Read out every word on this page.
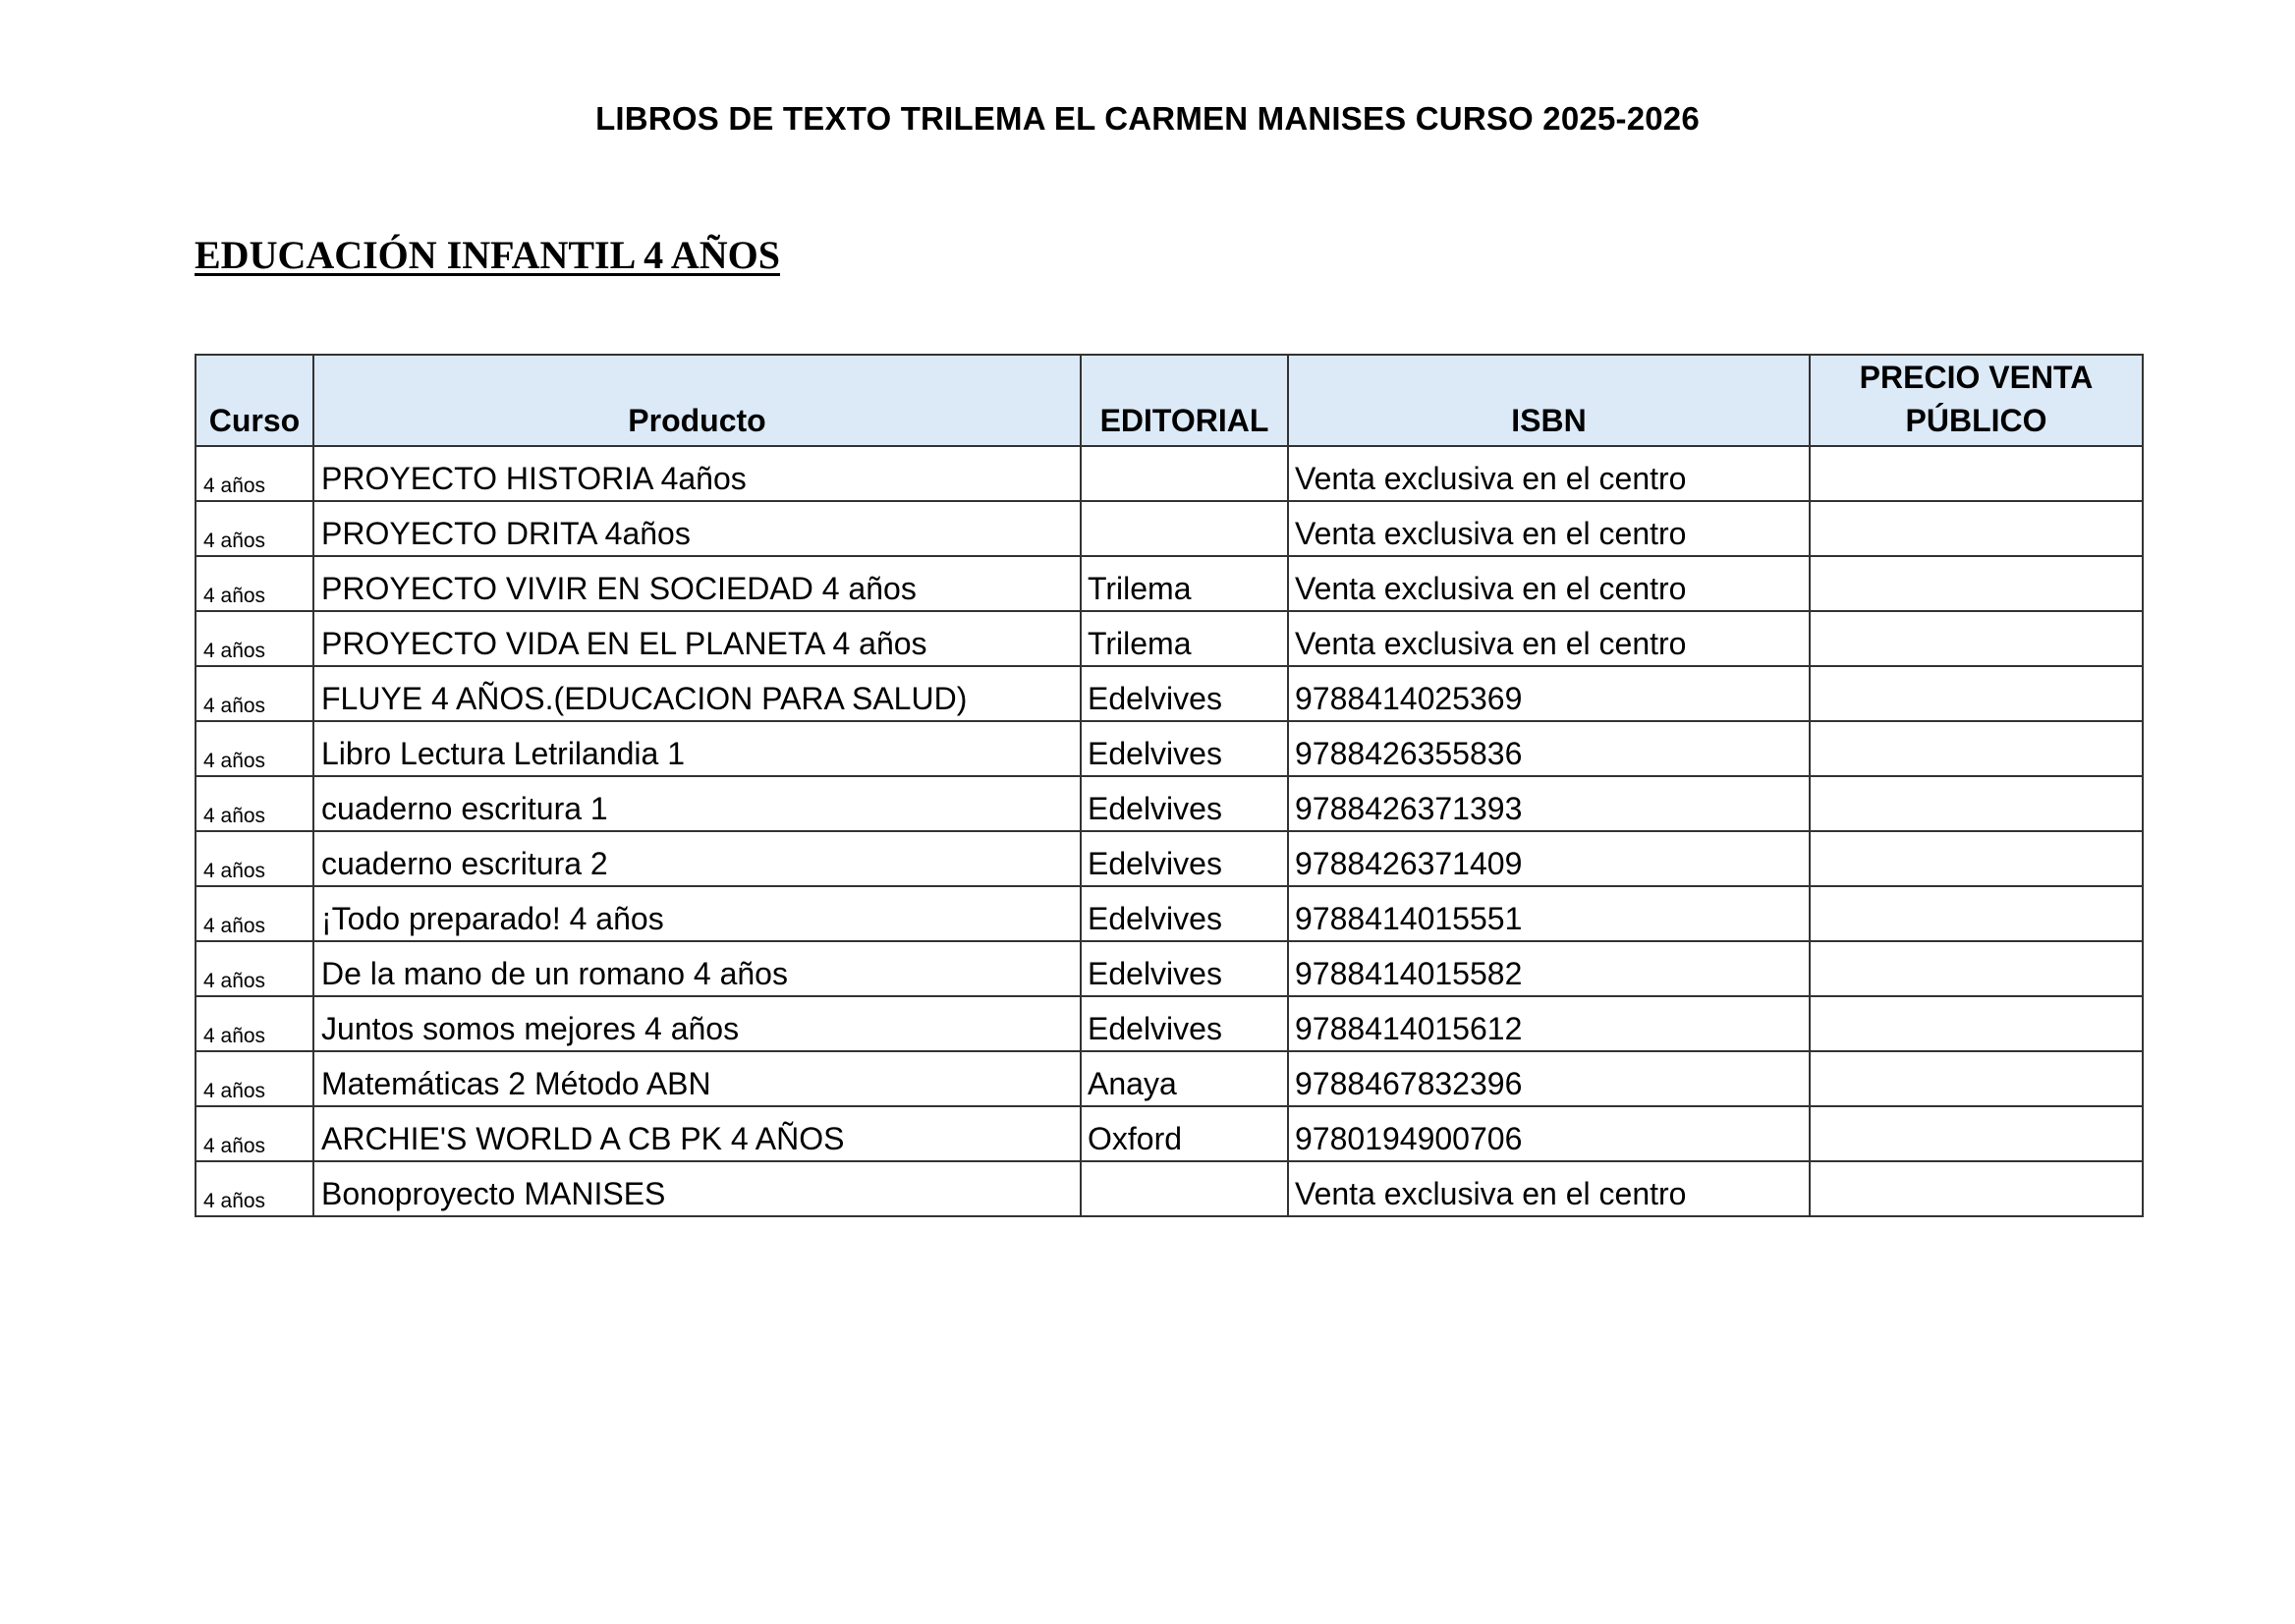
LIBROS DE TEXTO TRILEMA EL CARMEN MANISES CURSO 2025-2026
EDUCACIÓN INFANTIL 4 AÑOS
Curso	Producto	EDITORIAL	ISBN	PRECIO VENTA PÚBLICO
4 años	PROYECTO HISTORIA 4años		Venta exclusiva en el centro	
4 años	PROYECTO DRITA 4años		Venta exclusiva en el centro	
4 años	PROYECTO VIVIR EN SOCIEDAD 4 años	Trilema	Venta exclusiva en el centro	
4 años	PROYECTO VIDA EN EL PLANETA 4 años	Trilema	Venta exclusiva en el centro	
4 años	FLUYE 4 AÑOS.(EDUCACION PARA SALUD)	Edelvives	9788414025369	
4 años	Libro Lectura Letrilandia 1	Edelvives	9788426355836	
4 años	cuaderno escritura 1	Edelvives	9788426371393	
4 años	cuaderno escritura 2	Edelvives	9788426371409	
4 años	¡Todo preparado! 4 años	Edelvives	9788414015551	
4 años	De la mano de un romano 4 años	Edelvives	9788414015582	
4 años	Juntos somos mejores 4 años	Edelvives	9788414015612	
4 años	Matemáticas 2 Método ABN	Anaya	9788467832396	
4 años	ARCHIE'S WORLD A CB PK 4 AÑOS	Oxford	9780194900706	
4 años	Bonoproyecto MANISES		Venta exclusiva en el centro	
